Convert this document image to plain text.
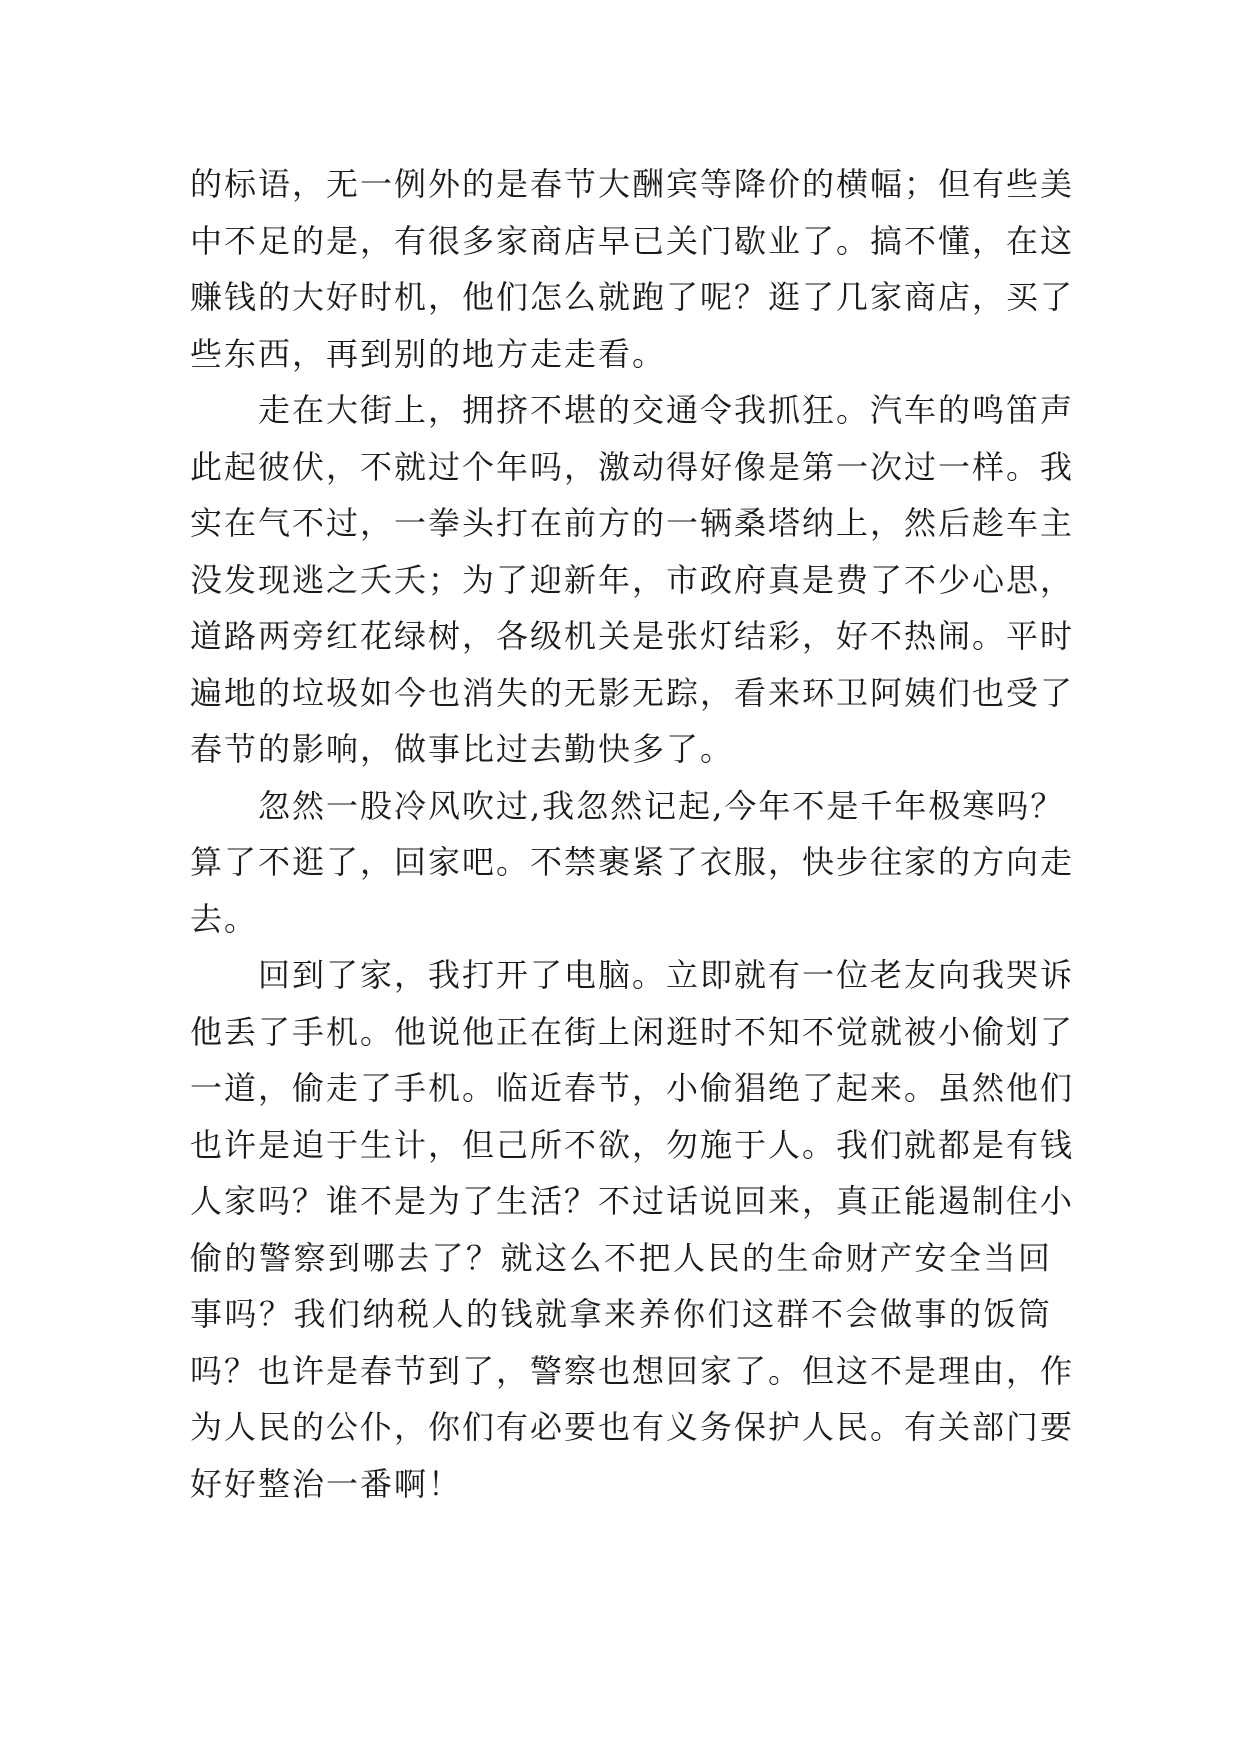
的标语，无一例外的是春节大酬宾等降价的横幅；但有些美
中不足的是，有很多家商店早已关门歇业了。搞不懂，在这
赚钱的大好时机，他们怎么就跑了呢？逛了几家商店，买了
些东西，再到别的地方走走看。
　　走在大街上，拥挤不堪的交通令我抓狂。汽车的鸣笛声
此起彼伏，不就过个年吗，激动得好像是第一次过一样。我
实在气不过，一拳头打在前方的一辆桑塔纳上，然后趁车主
没发现逃之夭夭；为了迎新年，市政府真是费了不少心思，
道路两旁红花绿树，各级机关是张灯结彩，好不热闹。平时
遍地的垃圾如今也消失的无影无踪，看来环卫阿姨们也受了
春节的影响，做事比过去勤快多了。
　　忽然一股冷风吹过,我忽然记起,今年不是千年极寒吗？
算了不逛了，回家吧。不禁裹紧了衣服，快步往家的方向走
去。
　　回到了家，我打开了电脑。立即就有一位老友向我哭诉
他丢了手机。他说他正在街上闲逛时不知不觉就被小偷划了
一道，偷走了手机。临近春节，小偷猖绝了起来。虽然他们
也许是迫于生计，但己所不欲，勿施于人。我们就都是有钱
人家吗？谁不是为了生活？不过话说回来，真正能遏制住小
偷的警察到哪去了？就这么不把人民的生命财产安全当回
事吗？我们纳税人的钱就拿来养你们这群不会做事的饭筒
吗？也许是春节到了，警察也想回家了。但这不是理由，作
为人民的公仆，你们有必要也有义务保护人民。有关部门要
好好整治一番啊！
